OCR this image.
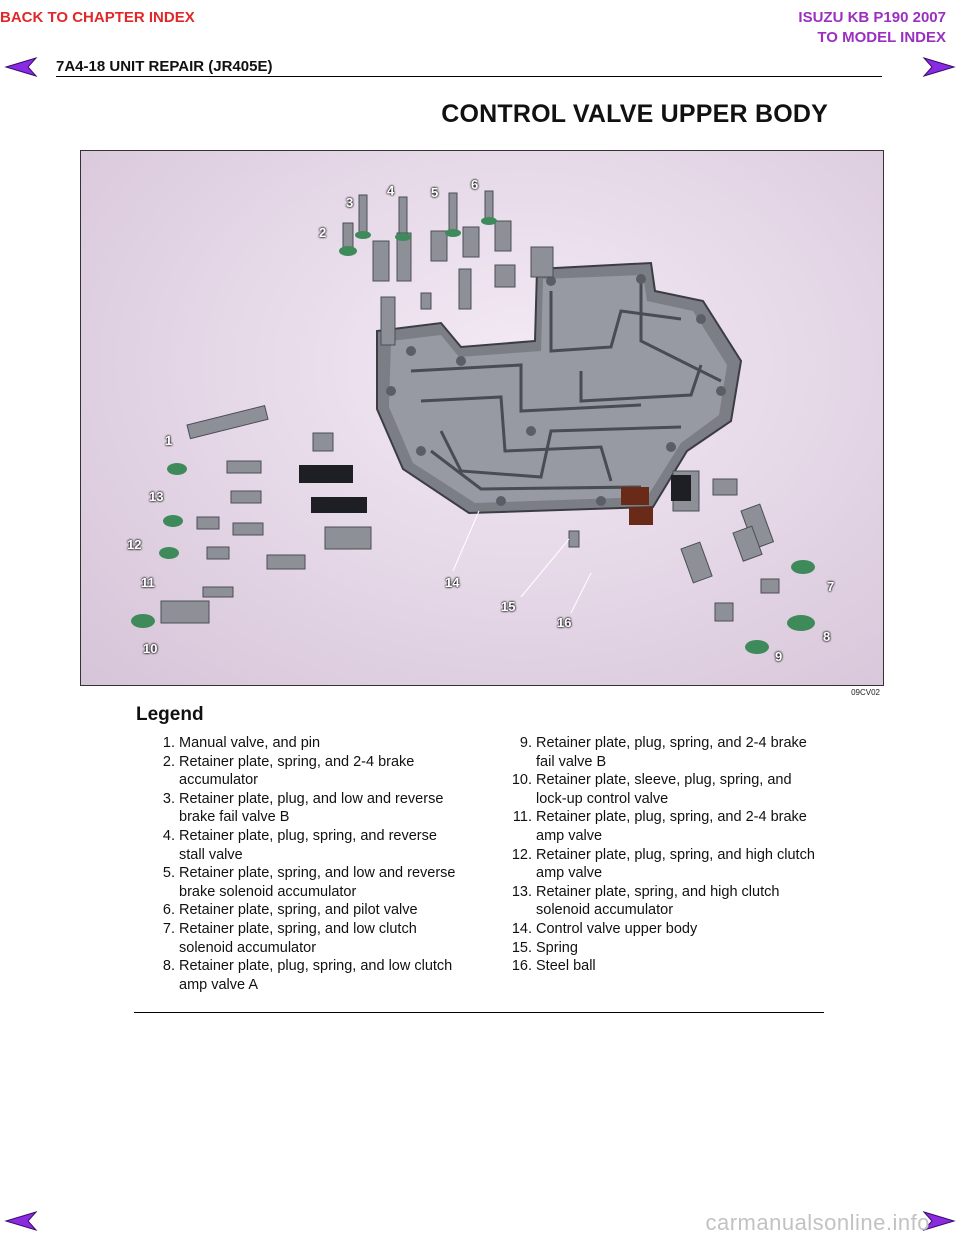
BACK TO CHAPTER INDEX	ISUZU KB P190 2007
TO MODEL INDEX
7A4-18 UNIT REPAIR (JR405E)
CONTROL VALVE UPPER BODY
1
2
3
4	5
6
7
8
9
10
11
12
13
14
15
16
09CV02
Legend
1. Manual valve, and pin
2. Retainer plate, spring, and 2-4 brake accumulator
3. Retainer plate, plug, and low and reverse brake fail valve B
4. Retainer plate, plug, spring, and reverse stall valve
5. Retainer plate, spring, and low and reverse brake solenoid accumulator
6. Retainer plate, spring, and pilot valve
7. Retainer plate, spring, and low clutch solenoid accumulator
8. Retainer plate, plug, spring, and low clutch amp valve A
9. Retainer plate, plug, spring, and 2-4 brake fail valve B
10. Retainer plate, sleeve, plug, spring, and lock-up control valve
11. Retainer plate, plug, spring, and 2-4 brake amp valve
12. Retainer plate, plug, spring, and high clutch amp valve
13. Retainer plate, spring, and high clutch solenoid accumulator
14. Control valve upper body
15. Spring
16. Steel ball
carmanualsonline.info
